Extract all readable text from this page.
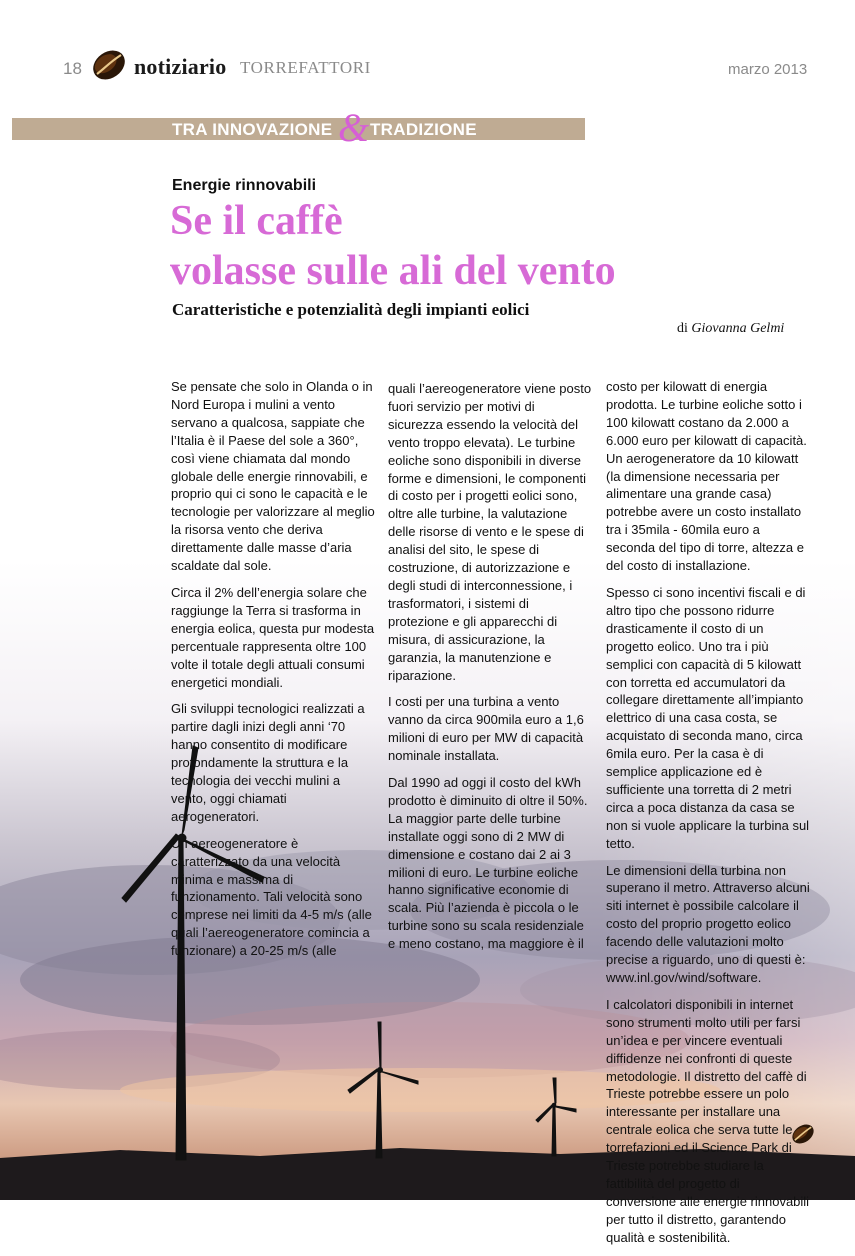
18 notiziario TORREFATTORI	marzo 2013
TRA INNOVAZIONE & TRADIZIONE
Energie rinnovabili
Se il caffè
volasse sulle ali del vento
Caratteristiche e potenzialità degli impianti eolici
di Giovanna Gelmi

Se pensate che solo in Olanda o in Nord Europa i mulini a vento servano a qualcosa, sappiate che l’Italia è il Paese del sole a 360°, così viene chiamata dal mondo globale delle energie rinnovabili, e proprio qui ci sono le capacità e le tecnologie per valorizzare al meglio la risorsa vento che deriva direttamente dalle masse d’aria scaldate dal sole.

Circa il 2% dell’energia solare che raggiunge la Terra si trasforma in energia eolica, questa pur modesta percentuale rappresenta oltre 100 volte il totale degli attuali consumi energetici mondiali.

Gli sviluppi tecnologici realizzati a partire dagli inizi degli anni ‘70 hanno consentito di modificare profondamente la struttura e la tecnologia dei vecchi mulini a vento, oggi chiamati aerogeneratori.

Un aereogeneratore è caratterizzato da una velocità minima e massima di funzionamento. Tali velocità sono comprese nei limiti da 4-5 m/s (alle quali l’aereogeneratore comincia a funzionare) a 20-25 m/s (alle

quali l’aereogeneratore viene posto fuori servizio per motivi di sicurezza essendo la velocità del vento troppo elevata). Le turbine eoliche sono disponibili in diverse forme e dimensioni, le componenti di costo per i progetti eolici sono, oltre alle turbine, la valutazione delle risorse di vento e le spese di analisi del sito, le spese di costruzione, di autorizzazione e degli studi di interconnessione, i trasformatori, i sistemi di protezione e gli apparecchi di misura, di assicurazione, la garanzia, la manutenzione e riparazione.

I costi per una turbina a vento vanno da circa 900mila euro a 1,6 milioni di euro per MW di capacità nominale installata.

Dal 1990 ad oggi il costo del kWh prodotto è diminuito di oltre il 50%. La maggior parte delle turbine installate oggi sono di 2 MW di dimensione e costano dai 2 ai 3 milioni di euro. Le turbine eoliche hanno significative economie di scala. Più l’azienda è piccola o le turbine sono su scala residenziale e meno costano, ma maggiore è il

costo per kilowatt di energia prodotta. Le turbine eoliche sotto i 100 kilowatt costano da 2.000 a 6.000 euro per kilowatt di capacità. Un aerogeneratore da 10 kilowatt (la dimensione necessaria per alimentare una grande casa) potrebbe avere un costo installato tra i 35mila - 60mila euro a seconda del tipo di torre, altezza e del costo di installazione.

Spesso ci sono incentivi fiscali e di altro tipo che possono ridurre drasticamente il costo di un progetto eolico. Uno tra i più semplici con capacità di 5 kilowatt con torretta ed accumulatori da collegare direttamente all’impianto elettrico di una casa costa, se acquistato di seconda mano, circa 6mila euro. Per la casa è di semplice applicazione ed è sufficiente una torretta di 2 metri circa a poca distanza da casa se non si vuole applicare la turbina sul tetto.

Le dimensioni della turbina non superano il metro. Attraverso alcuni siti internet è possibile calcolare il costo del proprio progetto eolico facendo delle valutazioni molto precise a riguardo, uno di questi è: www.inl.gov/wind/software.

I calcolatori disponibili in internet sono strumenti molto utili per farsi un’idea e per vincere eventuali diffidenze nei confronti di queste metodologie. Il distretto del caffè di Trieste potrebbe essere un polo interessante per installare una centrale eolica che serva tutte le torrefazioni ed il Science Park di Trieste potrebbe studiare la fattibilità del progetto di conversione alle energie rinnovabili per tutto il distretto, garantendo qualità e sostenibilità.
